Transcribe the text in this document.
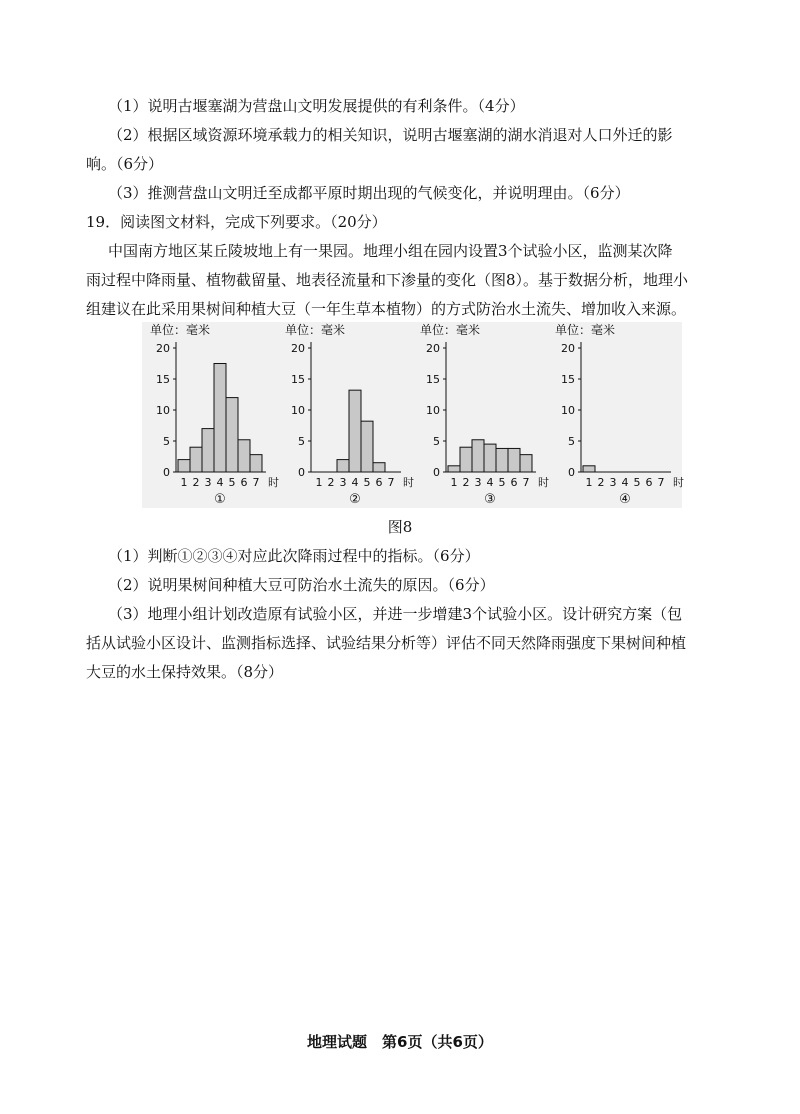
（1）说明古堰塞湖为营盘山文明发展提供的有利条件。（4分）
（2）根据区域资源环境承载力的相关知识，说明古堰塞湖的湖水消退对人口外迁的影
响。（6分）
（3）推测营盘山文明迁至成都平原时期出现的气候变化，并说明理由。（6分）
19．阅读图文材料，完成下列要求。（20分）
中国南方地区某丘陵坡地上有一果园。地理小组在园内设置3个试验小区，监测某次降
雨过程中降雨量、植物截留量、地表径流量和下渗量的变化（图8）。基于数据分析，地理小
组建议在此采用果树间种植大豆（一年生草本植物）的方式防治水土流失、增加收入来源。
单位：毫米
0
5
10
15
20
1 2 3 4 5 6 7 时
①
单位：毫米
0
5
10
15
20
1 2 3 4 5 6 7 时
②
单位：毫米
0
5
10
15
20
1 2 3 4 5 6 7 时
③
单位：毫米
0
5
10
15
20
1 2 3 4 5 6 7 时
④
图8
（1）判断①②③④对应此次降雨过程中的指标。（6分）
（2）说明果树间种植大豆可防治水土流失的原因。（6分）
（3）地理小组计划改造原有试验小区，并进一步增建3个试验小区。设计研究方案（包
括从试验小区设计、监测指标选择、试验结果分析等）评估不同天然降雨强度下果树间种植
大豆的水土保持效果。（8分）
地理试题　第6页（共6页）
